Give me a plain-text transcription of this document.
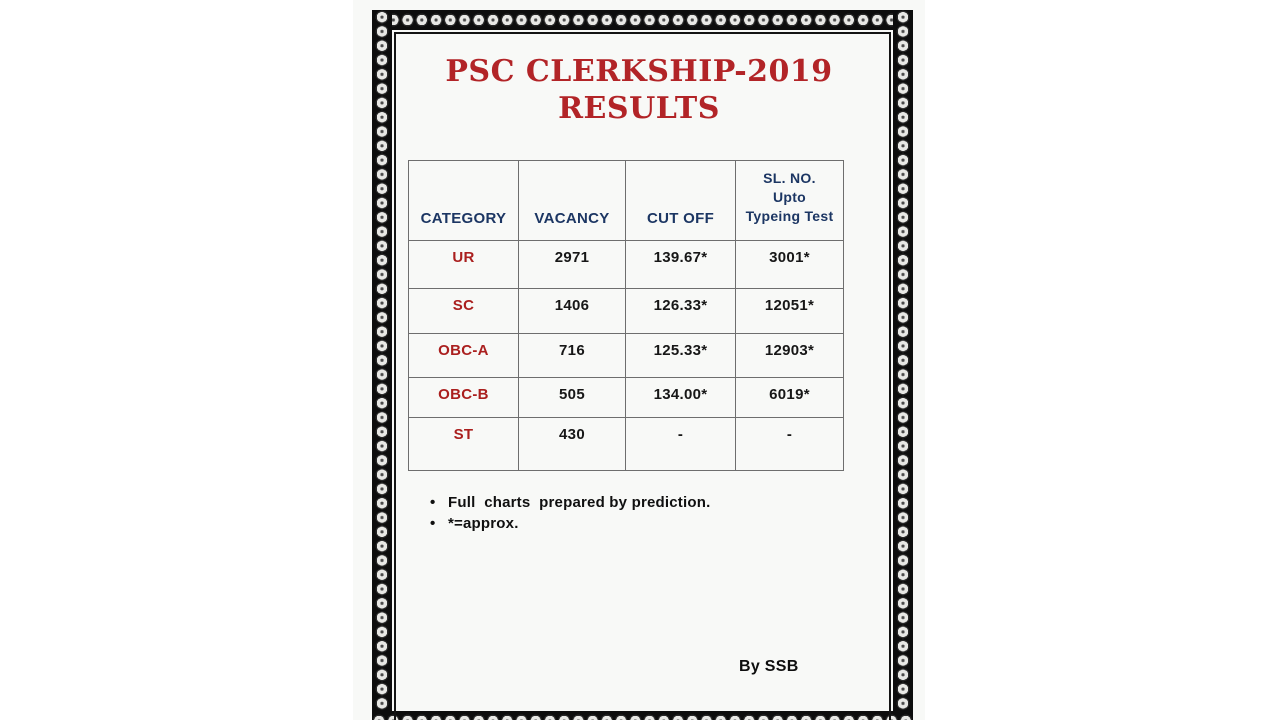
PSC CLERKSHIP-2019
RESULTS
CATEGORY	VACANCY	CUT OFF	SL. NO.
Upto
Typeing Test

UR	2971	139.67*	3001*
SC	1406	126.33*	12051*
OBC-A	716	125.33*	12903*
OBC-B	505	134.00*	6019*
ST	430	-	-
• Full  charts  prepared by prediction.
• *=approx.
By SSB
